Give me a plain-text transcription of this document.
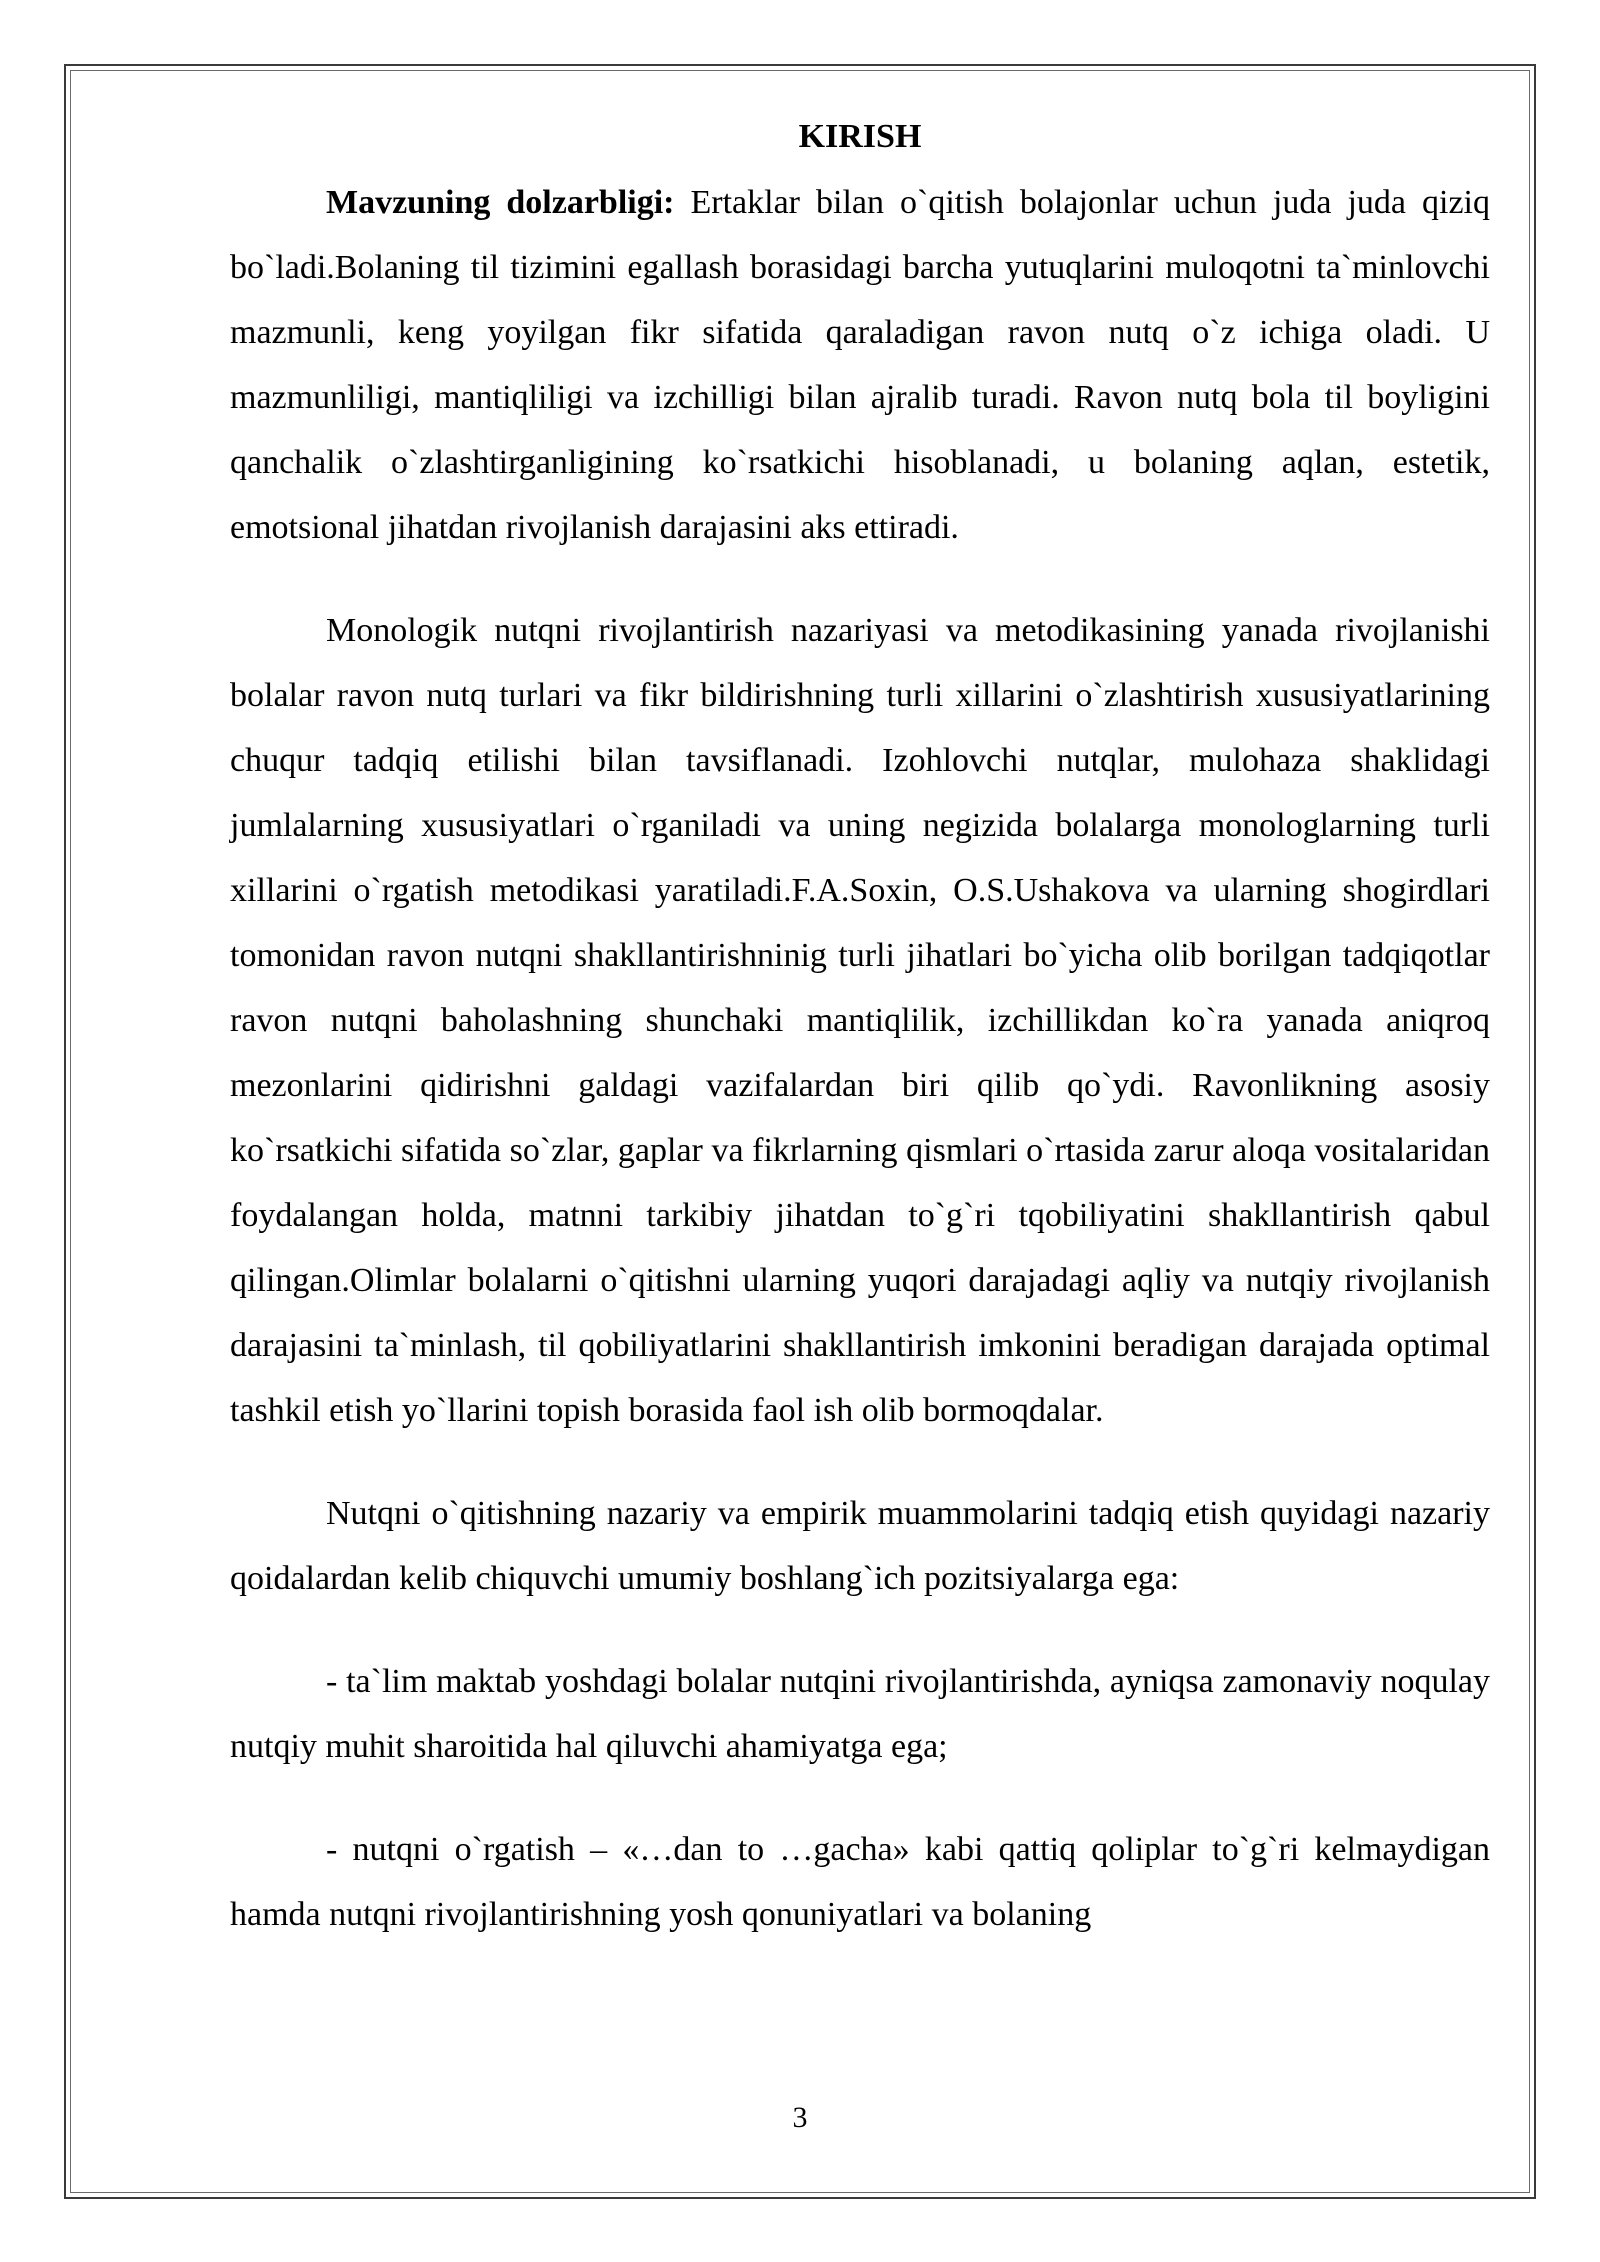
KIRISH

Mavzuning dolzarbligi: Ertaklar bilan o`qitish bolajonlar uchun juda juda qiziq bo`ladi.Bolaning til tizimini egallash borasidagi barcha yutuqlarini muloqotni ta`minlovchi mazmunli, keng yoyilgan fikr sifatida qaraladigan ravon nutq o`z ichiga oladi. U mazmunliligi, mantiqliligi va izchilligi bilan ajralib turadi. Ravon nutq bola til boyligini qanchalik o`zlashtirganligining ko`rsatkichi hisoblanadi, u bolaning aqlan, estetik, emotsional jihatdan rivojlanish darajasini aks ettiradi.

Monologik nutqni rivojlantirish nazariyasi va metodikasining yanada rivojlanishi bolalar ravon nutq turlari va fikr bildirishning turli xillarini o`zlashtirish xususiyatlarining chuqur tadqiq etilishi bilan tavsiflanadi. Izohlovchi nutqlar, mulohaza shaklidagi jumlalarning xususiyatlari o`rganiladi va uning negizida bolalarga monologlarning turli xillarini o`rgatish metodikasi yaratiladi.F.A.Soxin, O.S.Ushakova va ularning shogirdlari tomonidan ravon nutqni shakllantirishninig turli jihatlari bo`yicha olib borilgan tadqiqotlar ravon nutqni baholashning shunchaki mantiqlilik, izchillikdan ko`ra yanada aniqroq mezonlarini qidirishni galdagi vazifalardan biri qilib qo`ydi. Ravonlikning asosiy ko`rsatkichi sifatida so`zlar, gaplar va fikrlarning qismlari o`rtasida zarur aloqa vositalaridan foydalangan holda, matnni tarkibiy jihatdan to`g`ri tqobiliyatini shakllantirish qabul qilingan.Olimlar bolalarni o`qitishni ularning yuqori darajadagi aqliy va nutqiy rivojlanish darajasini ta`minlash, til qobiliyatlarini shakllantirish imkonini beradigan darajada optimal tashkil etish yo`llarini topish borasida faol ish olib bormoqdalar.

Nutqni o`qitishning nazariy va empirik muammolarini tadqiq etish quyidagi nazariy qoidalardan kelib chiquvchi umumiy boshlang`ich pozitsiyalarga ega:

- ta`lim maktab yoshdagi bolalar nutqini rivojlantirishda, ayniqsa zamonaviy noqulay nutqiy muhit sharoitida hal qiluvchi ahamiyatga ega;

- nutqni o`rgatish – «…dan to …gacha» kabi qattiq qoliplar to`g`ri kelmaydigan hamda nutqni rivojlantirishning yosh qonuniyatlari va bolaning

3
